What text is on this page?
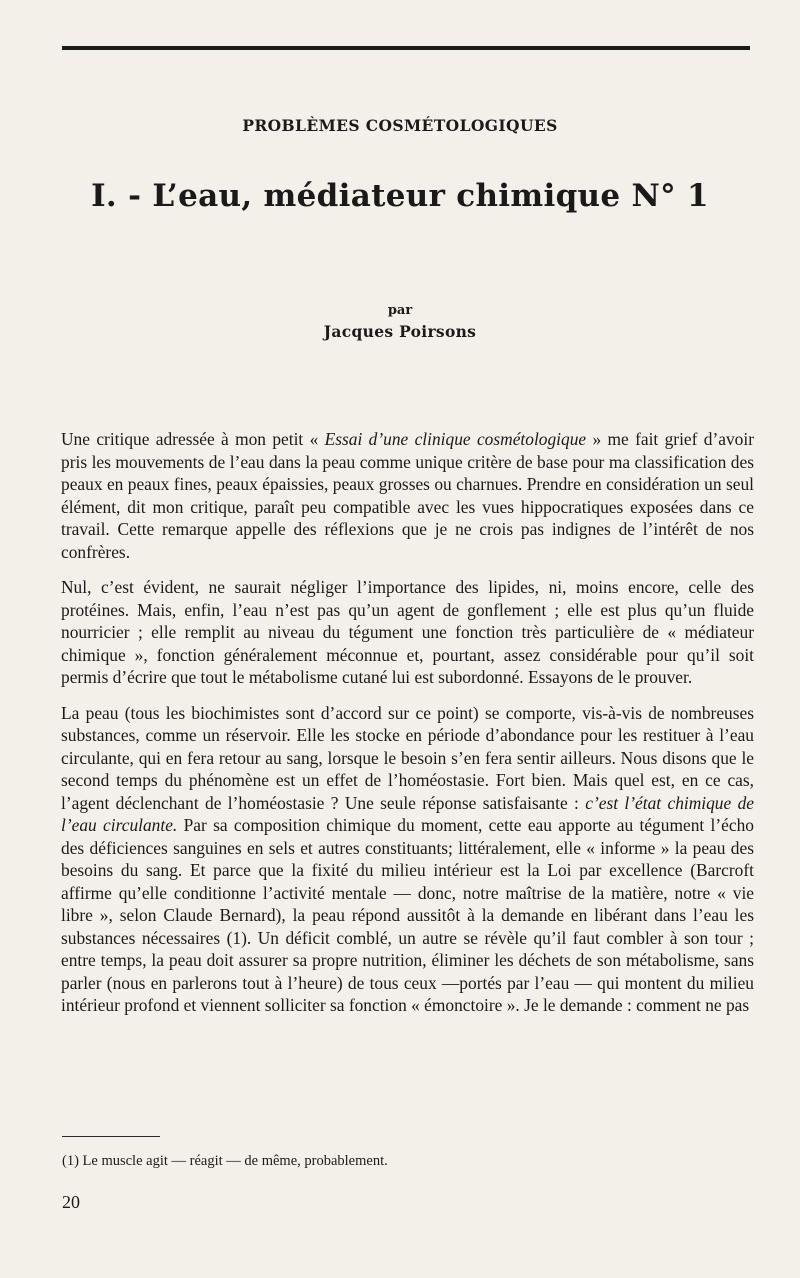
PROBLÈMES COSMÉTOLOGIQUES
I. - L’eau, médiateur chimique N° 1
par
Jacques Poirsons

Une critique adressée à mon petit « Essai d’une clinique cosmétologique » me fait grief d’avoir pris les mouvements de l’eau dans la peau comme unique critère de base pour ma classification des peaux en peaux fines, peaux épaissies, peaux grosses ou charnues. Prendre en considération un seul élément, dit mon critique, paraît peu compatible avec les vues hippocratiques exposées dans ce travail. Cette remarque appelle des réflexions que je ne crois pas indignes de l’intérêt de nos confrères.

Nul, c’est évident, ne saurait négliger l’importance des lipides, ni, moins encore, celle des protéines. Mais, enfin, l’eau n’est pas qu’un agent de gonflement ; elle est plus qu’un fluide nourricier ; elle remplit au niveau du tégument une fonction très particulière de « médiateur chimique », fonction généralement méconnue et, pourtant, assez considérable pour qu’il soit permis d’écrire que tout le métabolisme cutané lui est subordonné. Essayons de le prouver.

La peau (tous les biochimistes sont d’accord sur ce point) se comporte, vis-à-vis de nombreuses substances, comme un réservoir. Elle les stocke en période d’abondance pour les restituer à l’eau circulante, qui en fera retour au sang, lorsque le besoin s’en fera sentir ailleurs. Nous disons que le second temps du phénomène est un effet de l’homéostasie. Fort bien. Mais quel est, en ce cas, l’agent déclenchant de l’homéostasie ? Une seule réponse satisfaisante : c’est l’état chimique de l’eau circulante. Par sa composition chimique du moment, cette eau apporte au tégument l’écho des déficiences sanguines en sels et autres constituants; littéralement, elle « informe » la peau des besoins du sang. Et parce que la fixité du milieu intérieur est la Loi par excellence (Barcroft affirme qu’elle conditionne l’activité mentale — donc, notre maîtrise de la matière, notre « vie libre », selon Claude Bernard), la peau répond aussitôt à la demande en libérant dans l’eau les substances nécessaires (1). Un déficit comblé, un autre se révèle qu’il faut combler à son tour ; entre temps, la peau doit assurer sa propre nutrition, éliminer les déchets de son métabolisme, sans parler (nous en parlerons tout à l’heure) de tous ceux —portés par l’eau — qui montent du milieu intérieur profond et viennent solliciter sa fonction « émonctoire ». Je le demande : comment ne pas

(1) Le muscle agit — réagit — de même, probablement.
20
